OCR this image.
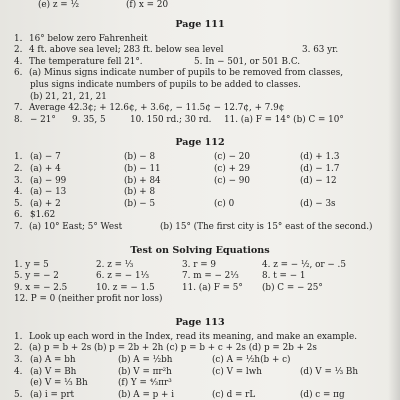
(e) z = ½	(f) x = 20
Page 111
1. 16° below zero Fahrenheit
2. 4 ft. above sea level; 283 ft. below sea level	3. 63 yr.
4. The temperature fell 21°.	5. In − 501, or 501 B.C.
6. (a) Minus signs indicate number of pupils to be removed from classes,
plus signs indicate numbers of pupils to be added to classes.
(b) 21, 21, 21, 21
7. Average 42.3¢; + 12.6¢, + 3.6¢, − 11.5¢ − 12.7¢, + 7.9¢
8. − 21° 9. 35, 5	10. 150 rd.; 30 rd. 11. (a) F = 14° (b) C = 10°
Page 112
1. (a) − 7	(b) − 8	(c) − 20	(d) + 1.3
2. (a) + 4	(b) − 11	(c) + 29	(d) − 1.7
3. (a) − 99	(b) + 84	(c) − 90	(d) − 12
4. (a) − 13	(b) + 8
5. (a) + 2	(b) − 5	(c) 0	(d) − 3s
6. $1.62
7. (a) 10° East; 5° West	(b) 15° (The first city is 15° east of the second.)
Test on Solving Equations
1. y = 5	2. z = ⅓	3. r = 9	4. z = − ½, or − .5
5. y = − 2	6. z = − 1⅓	7. m = − 2⅓	8. t = − 1
9. x = − 2.5	10. z = − 1.5	11. (a) F = 5° (b) C = − 25°
12. P = 0 (neither profit nor loss)
Page 113
1. Look up each word in the Index, read its meaning, and make an example.
2. (a) p = b + 2s (b) p = 2b + 2h (c) p = b + c + 2s (d) p = 2b + 2s
3. (a) A = bh	(b) A = ½bh	(c) A = ½h(b + c)
4. (a) V = Bh	(b) V = πr²h	(c) V = lwh	(d) V = ⅓ Bh
(e) V = ⅓ Bh	(f) Y = ⁴⁄₃πr³
5. (a) i = prt	(b) A = p + i	(c) d = rL	(d) c = πg
